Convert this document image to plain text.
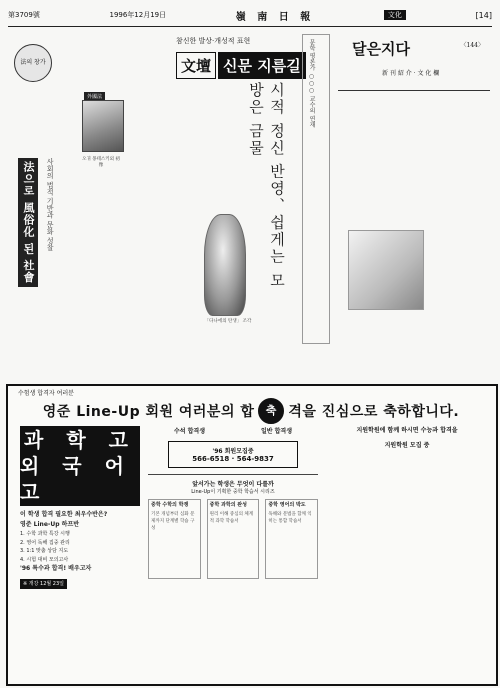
第3709號	1996年12月19日	嶺 南 日 報	文化	[14]
法의 창가
法으로 風俗化 된 社會	사회의 법적 기반과 문화 성찰
外國法
오귀 몽테스키외 初像
참신한 발상·개성적 표현
文壇 신문 지름길
시적 정신 반영、쉽게는 모방은 금물
「다나에의 탄생」 조각
문학 평론가 ○○○ 교수의 연재 달은지다	〈144〉
新 刊 紹 介 · 文 化 欄
수험생 합격자 여러분
영준 Line-Up 회원 여러분의 합	축 격을 진심으로 축하합니다.
과 학 고
외 국 어 고
이 학생 합격 필요한 최우수반은?
영준 Line-Up 하프반
1. 수학 과학 특강 시행
2. 영어 독해 집중 관리
3. 1:1 맞춤 상담 지도
4. 시험 대비 모의고사
'96 특수과 합격! 배우고자
※ 개강 12월 23일
수석 합격생	일반 합격생
'96 회원모집중
566-6518 · 564-9837
앞서가는 학생은 무엇이 다를까
Line-Up이 기획한 중학 학습서 시리즈
중학 수학의 학쟁
기본 개념부터 심화 문제까지 단계별 학습 구성
중학 과학의 완성
원리 이해 중심의 체계적 과학 학습서
중학 영어의 박도
독해와 문법을 함께 익히는 통합 학습서
지원학원에 함께 하시면 수능과 합격을
지원학원 모집 중
